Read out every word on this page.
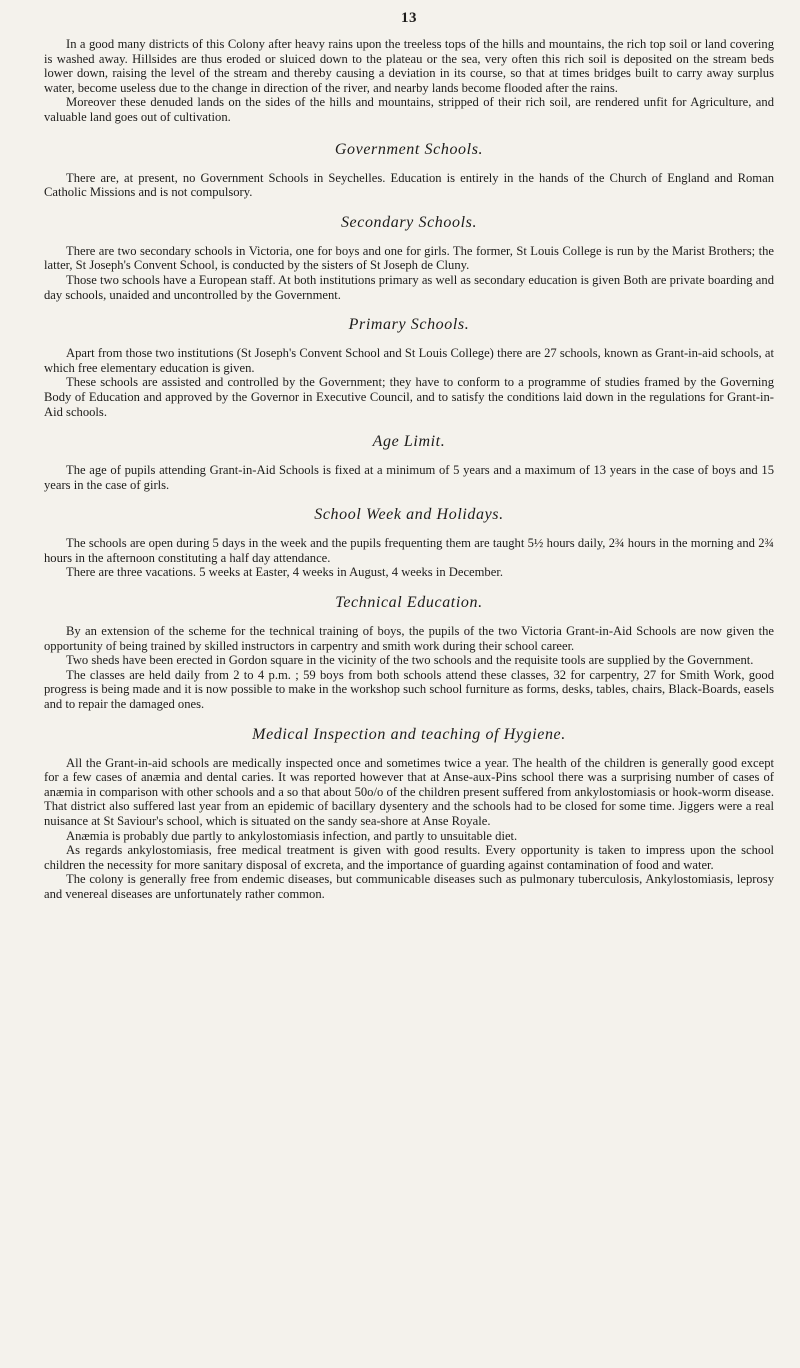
13

In a good many districts of this Colony after heavy rains upon the treeless tops of the hills and mountains, the rich top soil or land covering is washed away. Hillsides are thus eroded or sluiced down to the plateau or the sea, very often this rich soil is deposited on the stream beds lower down, raising the level of the stream and thereby causing a deviation in its course, so that at times bridges built to carry away surplus water, become useless due to the change in direction of the river, and nearby lands become flooded after the rains.

Moreover these denuded lands on the sides of the hills and mountains, stripped of their rich soil, are rendered unfit for Agriculture, and valuable land goes out of cultivation.

Government Schools.

There are, at present, no Government Schools in Seychelles. Education is entirely in the hands of the Church of England and Roman Catholic Missions and is not compulsory.

Secondary Schools.

There are two secondary schools in Victoria, one for boys and one for girls. The former, St Louis College is run by the Marist Brothers; the latter, St Joseph's Convent School, is conducted by the sisters of St Joseph de Cluny.

Those two schools have a European staff. At both institutions primary as well as secondary education is given Both are private boarding and day schools, unaided and uncontrolled by the Government.

Primary Schools.

Apart from those two institutions (St Joseph's Convent School and St Louis College) there are 27 schools, known as Grant-in-aid schools, at which free elementary education is given.

These schools are assisted and controlled by the Government; they have to conform to a programme of studies framed by the Governing Body of Education and approved by the Governor in Executive Council, and to satisfy the conditions laid down in the regulations for Grant-in-Aid schools.

Age Limit.

The age of pupils attending Grant-in-Aid Schools is fixed at a minimum of 5 years and a maximum of 13 years in the case of boys and 15 years in the case of girls.

School Week and Holidays.

The schools are open during 5 days in the week and the pupils frequenting them are taught 5½ hours daily, 2¾ hours in the morning and 2¾ hours in the afternoon constituting a half day attendance.

There are three vacations. 5 weeks at Easter, 4 weeks in August, 4 weeks in December.

Technical Education.

By an extension of the scheme for the technical training of boys, the pupils of the two Victoria Grant-in-Aid Schools are now given the opportunity of being trained by skilled instructors in carpentry and smith work during their school career.

Two sheds have been erected in Gordon square in the vicinity of the two schools and the requisite tools are supplied by the Government.

The classes are held daily from 2 to 4 p.m. ; 59 boys from both schools attend these classes, 32 for carpentry, 27 for Smith Work, good progress is being made and it is now possible to make in the workshop such school furniture as forms, desks, tables, chairs, Black-Boards, easels and to repair the damaged ones.

Medical Inspection and teaching of Hygiene.

All the Grant-in-aid schools are medically inspected once and sometimes twice a year. The health of the children is generally good except for a few cases of anæmia and dental caries. It was reported however that at Anse-aux-Pins school there was a surprising number of cases of anæmia in comparison with other schools and a so that about 50o/o of the children present suffered from ankylostomiasis or hook-worm disease. That district also suffered last year from an epidemic of bacillary dysentery and the schools had to be closed for some time. Jiggers were a real nuisance at St Saviour's school, which is situated on the sandy sea-shore at Anse Royale.

Anæmia is probably due partly to ankylostomiasis infection, and partly to unsuitable diet.

As regards ankylostomiasis, free medical treatment is given with good results. Every opportunity is taken to impress upon the school children the necessity for more sanitary disposal of excreta, and the importance of guarding against contamination of food and water.

The colony is generally free from endemic diseases, but communicable diseases such as pulmonary tuberculosis, Ankylostomiasis, leprosy and venereal diseases are unfortunately rather common.
